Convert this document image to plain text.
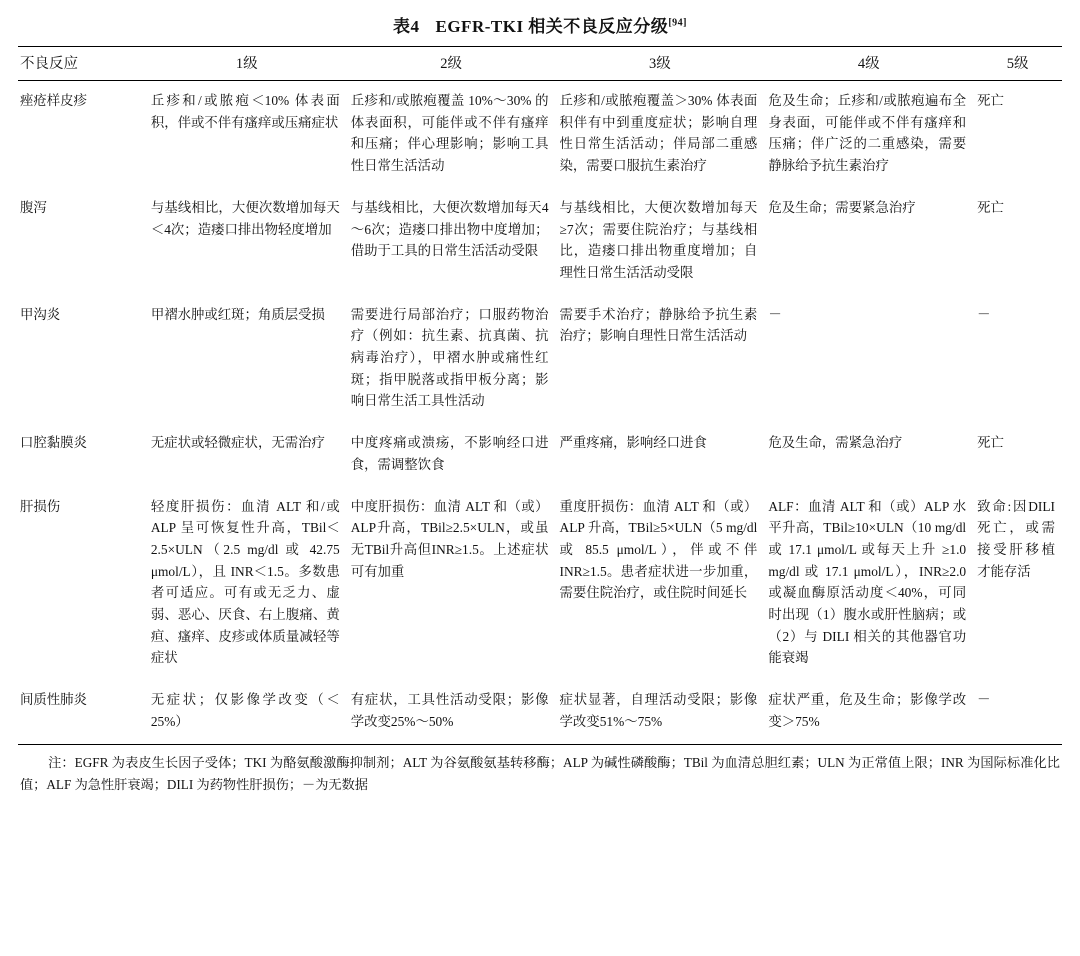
表4 EGFR-TKI 相关不良反应分级[94]
不良反应	1级	2级	3级	4级	5级
痤疮样皮疹	丘疹和/或脓疱＜10% 体表面积，伴或不伴有瘙痒或压痛症状	丘疹和/或脓疱覆盖 10%～30% 的体表面积，可能伴或不伴有瘙痒和压痛；伴心理影响；影响工具性日常生活活动	丘疹和/或脓疱覆盖＞30% 体表面积伴有中到重度症状；影响自理性日常生活活动；伴局部二重感染，需要口服抗生素治疗	危及生命；丘疹和/或脓疱遍布全身表面，可能伴或不伴有瘙痒和压痛；伴广泛的二重感染，需要静脉给予抗生素治疗	死亡
腹泻	与基线相比，大便次数增加每天＜4次；造瘘口排出物轻度增加	与基线相比，大便次数增加每天4～6次；造瘘口排出物中度增加；借助于工具的日常生活活动受限	与基线相比，大便次数增加每天≥7次；需要住院治疗；与基线相比，造瘘口排出物重度增加；自理性日常生活活动受限	危及生命；需要紧急治疗	死亡
甲沟炎	甲褶水肿或红斑；角质层受损	需要进行局部治疗；口服药物治疗（例如：抗生素、抗真菌、抗病毒治疗），甲褶水肿或痛性红斑；指甲脱落或指甲板分离；影响日常生活工具性活动	需要手术治疗；静脉给予抗生素治疗；影响自理性日常生活活动	－	－
口腔黏膜炎	无症状或轻微症状，无需治疗	中度疼痛或溃疡，不影响经口进食，需调整饮食	严重疼痛，影响经口进食	危及生命，需紧急治疗	死亡
肝损伤	轻度肝损伤：血清 ALT 和/或 ALP 呈可恢复性升高，TBil＜2.5×ULN（2.5 mg/dl 或 42.75 μmol/L），且 INR＜1.5。多数患者可适应。可有或无乏力、虚弱、恶心、厌食、右上腹痛、黄疸、瘙痒、皮疹或体质量减轻等症状	中度肝损伤：血清 ALT 和（或）ALP升高，TBil≥2.5×ULN，或虽无TBil升高但INR≥1.5。上述症状可有加重	重度肝损伤：血清 ALT 和（或）ALP 升高，TBil≥5×ULN（5 mg/dl 或 85.5 μmol/L），伴或不伴 INR≥1.5。患者症状进一步加重，需要住院治疗，或住院时间延长	ALF：血清 ALT 和（或）ALP 水平升高，TBil≥10×ULN（10 mg/dl 或 17.1 μmol/L 或每天上升 ≥1.0 mg/dl 或 17.1 μmol/L），INR≥2.0 或凝血酶原活动度＜40%，可同时出现（1）腹水或肝性脑病；或（2）与 DILI 相关的其他器官功能衰竭	致命:因DILI死亡，或需接受肝移植才能存活
间质性肺炎	无症状；仅影像学改变（＜25%）	有症状，工具性活动受限；影像学改变25%～50%	症状显著，自理活动受限；影像学改变51%～75%	症状严重，危及生命；影像学改变＞75%	－
注：EGFR 为表皮生长因子受体；TKI 为酪氨酸激酶抑制剂；ALT 为谷氨酸氨基转移酶；ALP 为碱性磷酸酶；TBil 为血清总胆红素；ULN 为正常值上限；INR 为国际标准化比值；ALF 为急性肝衰竭；DILI 为药物性肝损伤；－为无数据
